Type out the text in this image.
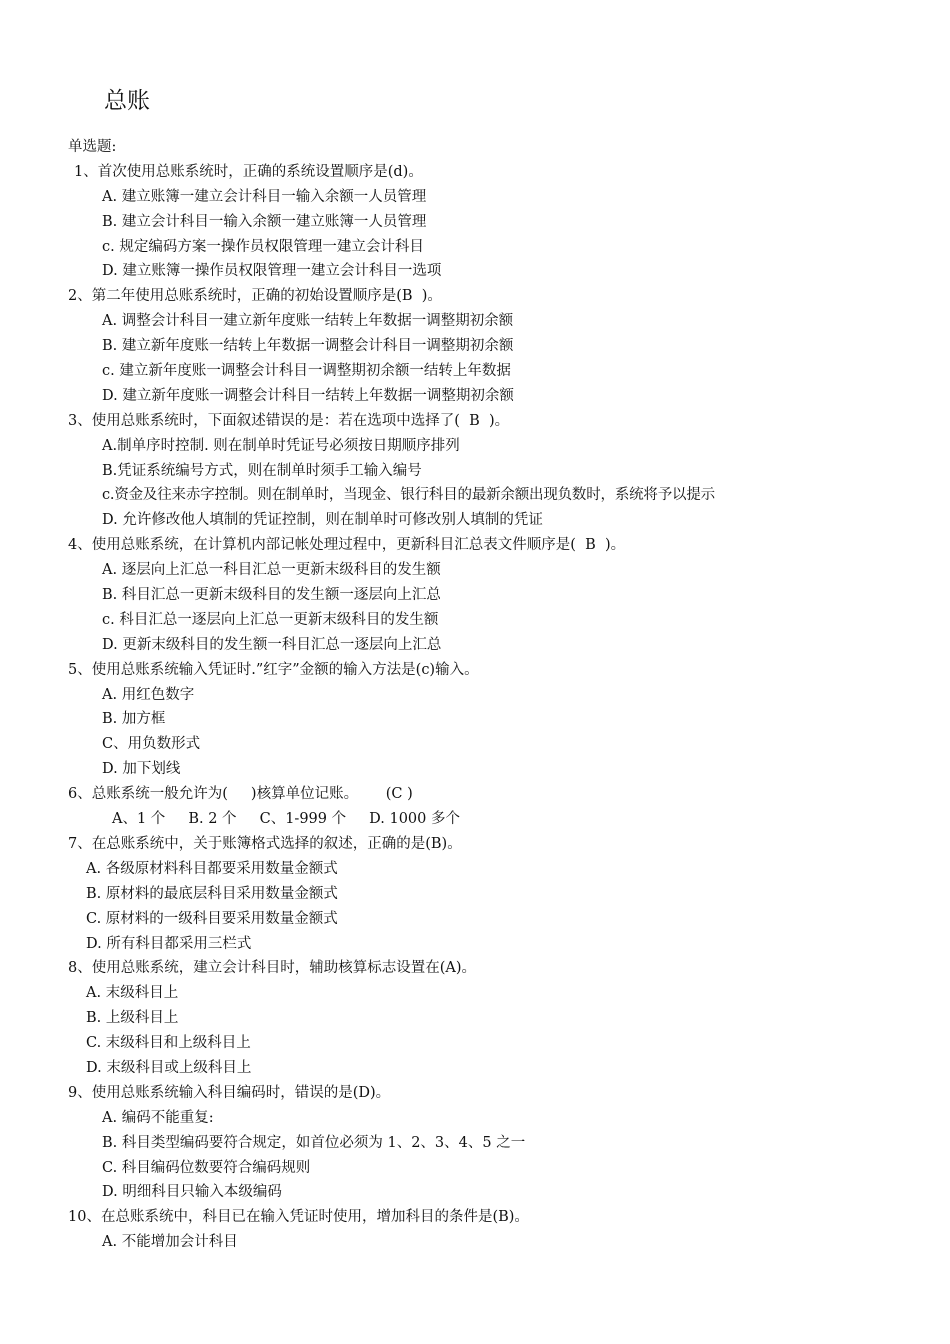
总账
单选题:
1、首次使用总账系统时，正确的系统设置顺序是(d)。
A. 建立账簿一建立会计科目一输入余额一人员管理
B. 建立会计科目一输入余额一建立账簿一人员管理
c. 规定编码方案一操作员权限管理一建立会计科目
D. 建立账簿一操作员权限管理一建立会计科目一选项
2、第二年使用总账系统时，正确的初始设置顺序是(B  )。
A. 调整会计科目一建立新年度账一结转上年数据一调整期初余额
B. 建立新年度账一结转上年数据一调整会计科目一调整期初余额
c. 建立新年度账一调整会计科目一调整期初余额一结转上年数据
D. 建立新年度账一调整会计科目一结转上年数据一调整期初余额
3、使用总账系统时，下面叙述错误的是：若在选项中选择了(  B  )。
A.制单序时控制. 则在制单时凭证号必须按日期顺序排列
B.凭证系统编号方式，则在制单时须手工输入编号
c.资金及往来赤字控制。则在制单时，当现金、银行科目的最新余额出现负数时，系统将予以提示
D. 允许修改他人填制的凭证控制，则在制单时可修改别人填制的凭证
4、使用总账系统，在计算机内部记帐处理过程中，更新科目汇总表文件顺序是(  B  )。
A. 逐层向上汇总一科目汇总一更新末级科目的发生额
B. 科目汇总一更新末级科目的发生额一逐层向上汇总
c. 科目汇总一逐层向上汇总一更新末级科目的发生额
D. 更新末级科目的发生额一科目汇总一逐层向上汇总
5、使用总账系统输入凭证时.”红字”金额的输入方法是(c)输入。
A. 用红色数字
B. 加方框
C、用负数形式
D. 加下划线
6、总账系统一般允许为(     )核算单位记账。      (C )
A、1 个     B. 2 个     C、1-999 个     D. 1000 多个
7、在总账系统中，关于账簿格式选择的叙述，正确的是(B)。
A. 各级原材料科目都要采用数量金额式
B. 原材料的最底层科目采用数量金额式
C. 原材料的一级科目要采用数量金额式
D. 所有科目都采用三栏式
8、使用总账系统，建立会计科目时，辅助核算标志设置在(A)。
A. 末级科目上
B. 上级科目上
C. 末级科目和上级科目上
D. 末级科目或上级科目上
9、使用总账系统输入科目编码时，错误的是(D)。
A. 编码不能重复:
B. 科目类型编码要符合规定，如首位必须为 1、2、3、4、5 之一
C. 科目编码位数要符合编码规则
D. 明细科目只输入本级编码
10、在总账系统中，科目已在输入凭证时使用，增加科目的条件是(B)。
A. 不能增加会计科目
